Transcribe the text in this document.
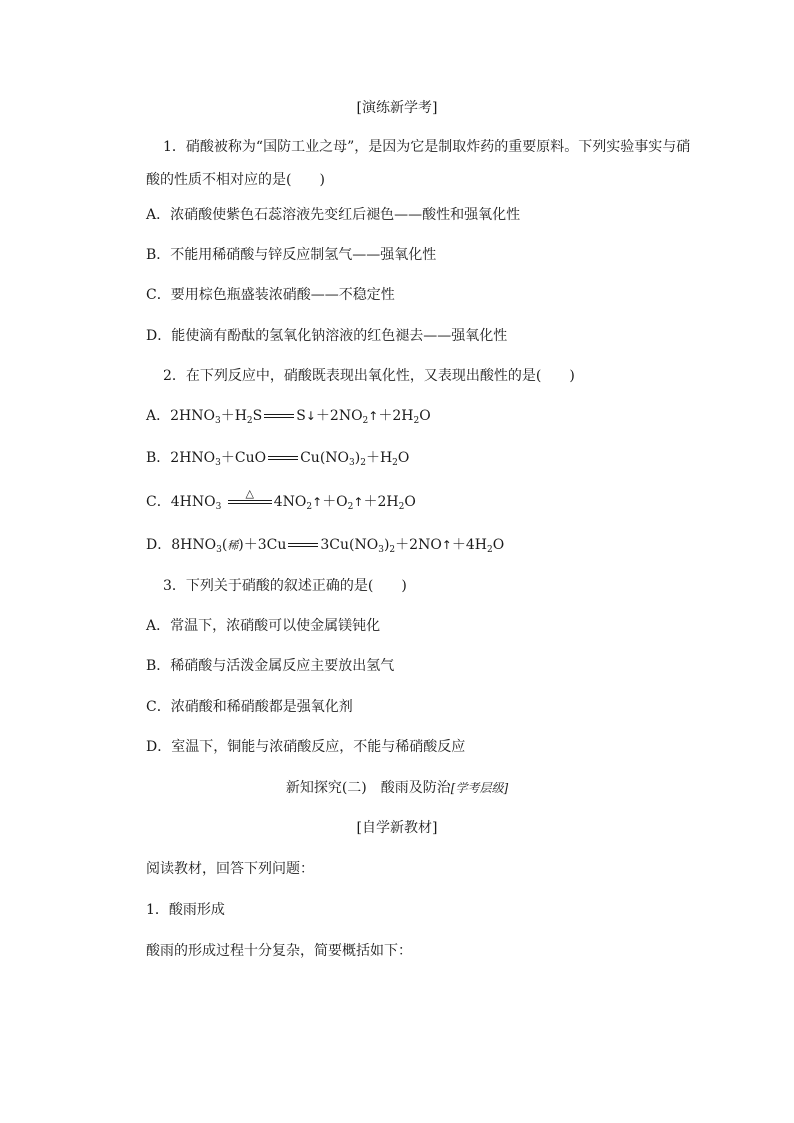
[演练新学考]
1．硝酸被称为“国防工业之母”，是因为它是制取炸药的重要原料。下列实验事实与硝
酸的性质不相对应的是(　　)
A．浓硝酸使紫色石蕊溶液先变红后褪色——酸性和强氧化性
B．不能用稀硝酸与锌反应制氢气——强氧化性
C．要用棕色瓶盛装浓硝酸——不稳定性
D．能使滴有酚酞的氢氧化钠溶液的红色褪去——强氧化性
2．在下列反应中，硝酸既表现出氧化性，又表现出酸性的是(　　)
A．$2HNO_3+H_2S$ $S↓+2NO_2↑+2H_2O$
B．$2HNO_3+CuO$ $Cu(NO_3)_2+H_2O$
C．$4HNO_3$
△
$4NO_2↑+O_2↑+2H_2O$
D．$8HNO_3$(稀)＋3Cu $3Cu(NO_3)_2+2NO↑+4H_2O$
3．下列关于硝酸的叙述正确的是(　　)
A．常温下，浓硝酸可以使金属镁钝化
B．稀硝酸与活泼金属反应主要放出氢气
C．浓硝酸和稀硝酸都是强氧化剂
D．室温下，铜能与浓硝酸反应，不能与稀硝酸反应
新知探究(二)　酸雨及防治[学考层级]
[自学新教材]
阅读教材，回答下列问题：
1．酸雨形成
酸雨的形成过程十分复杂，简要概括如下：
